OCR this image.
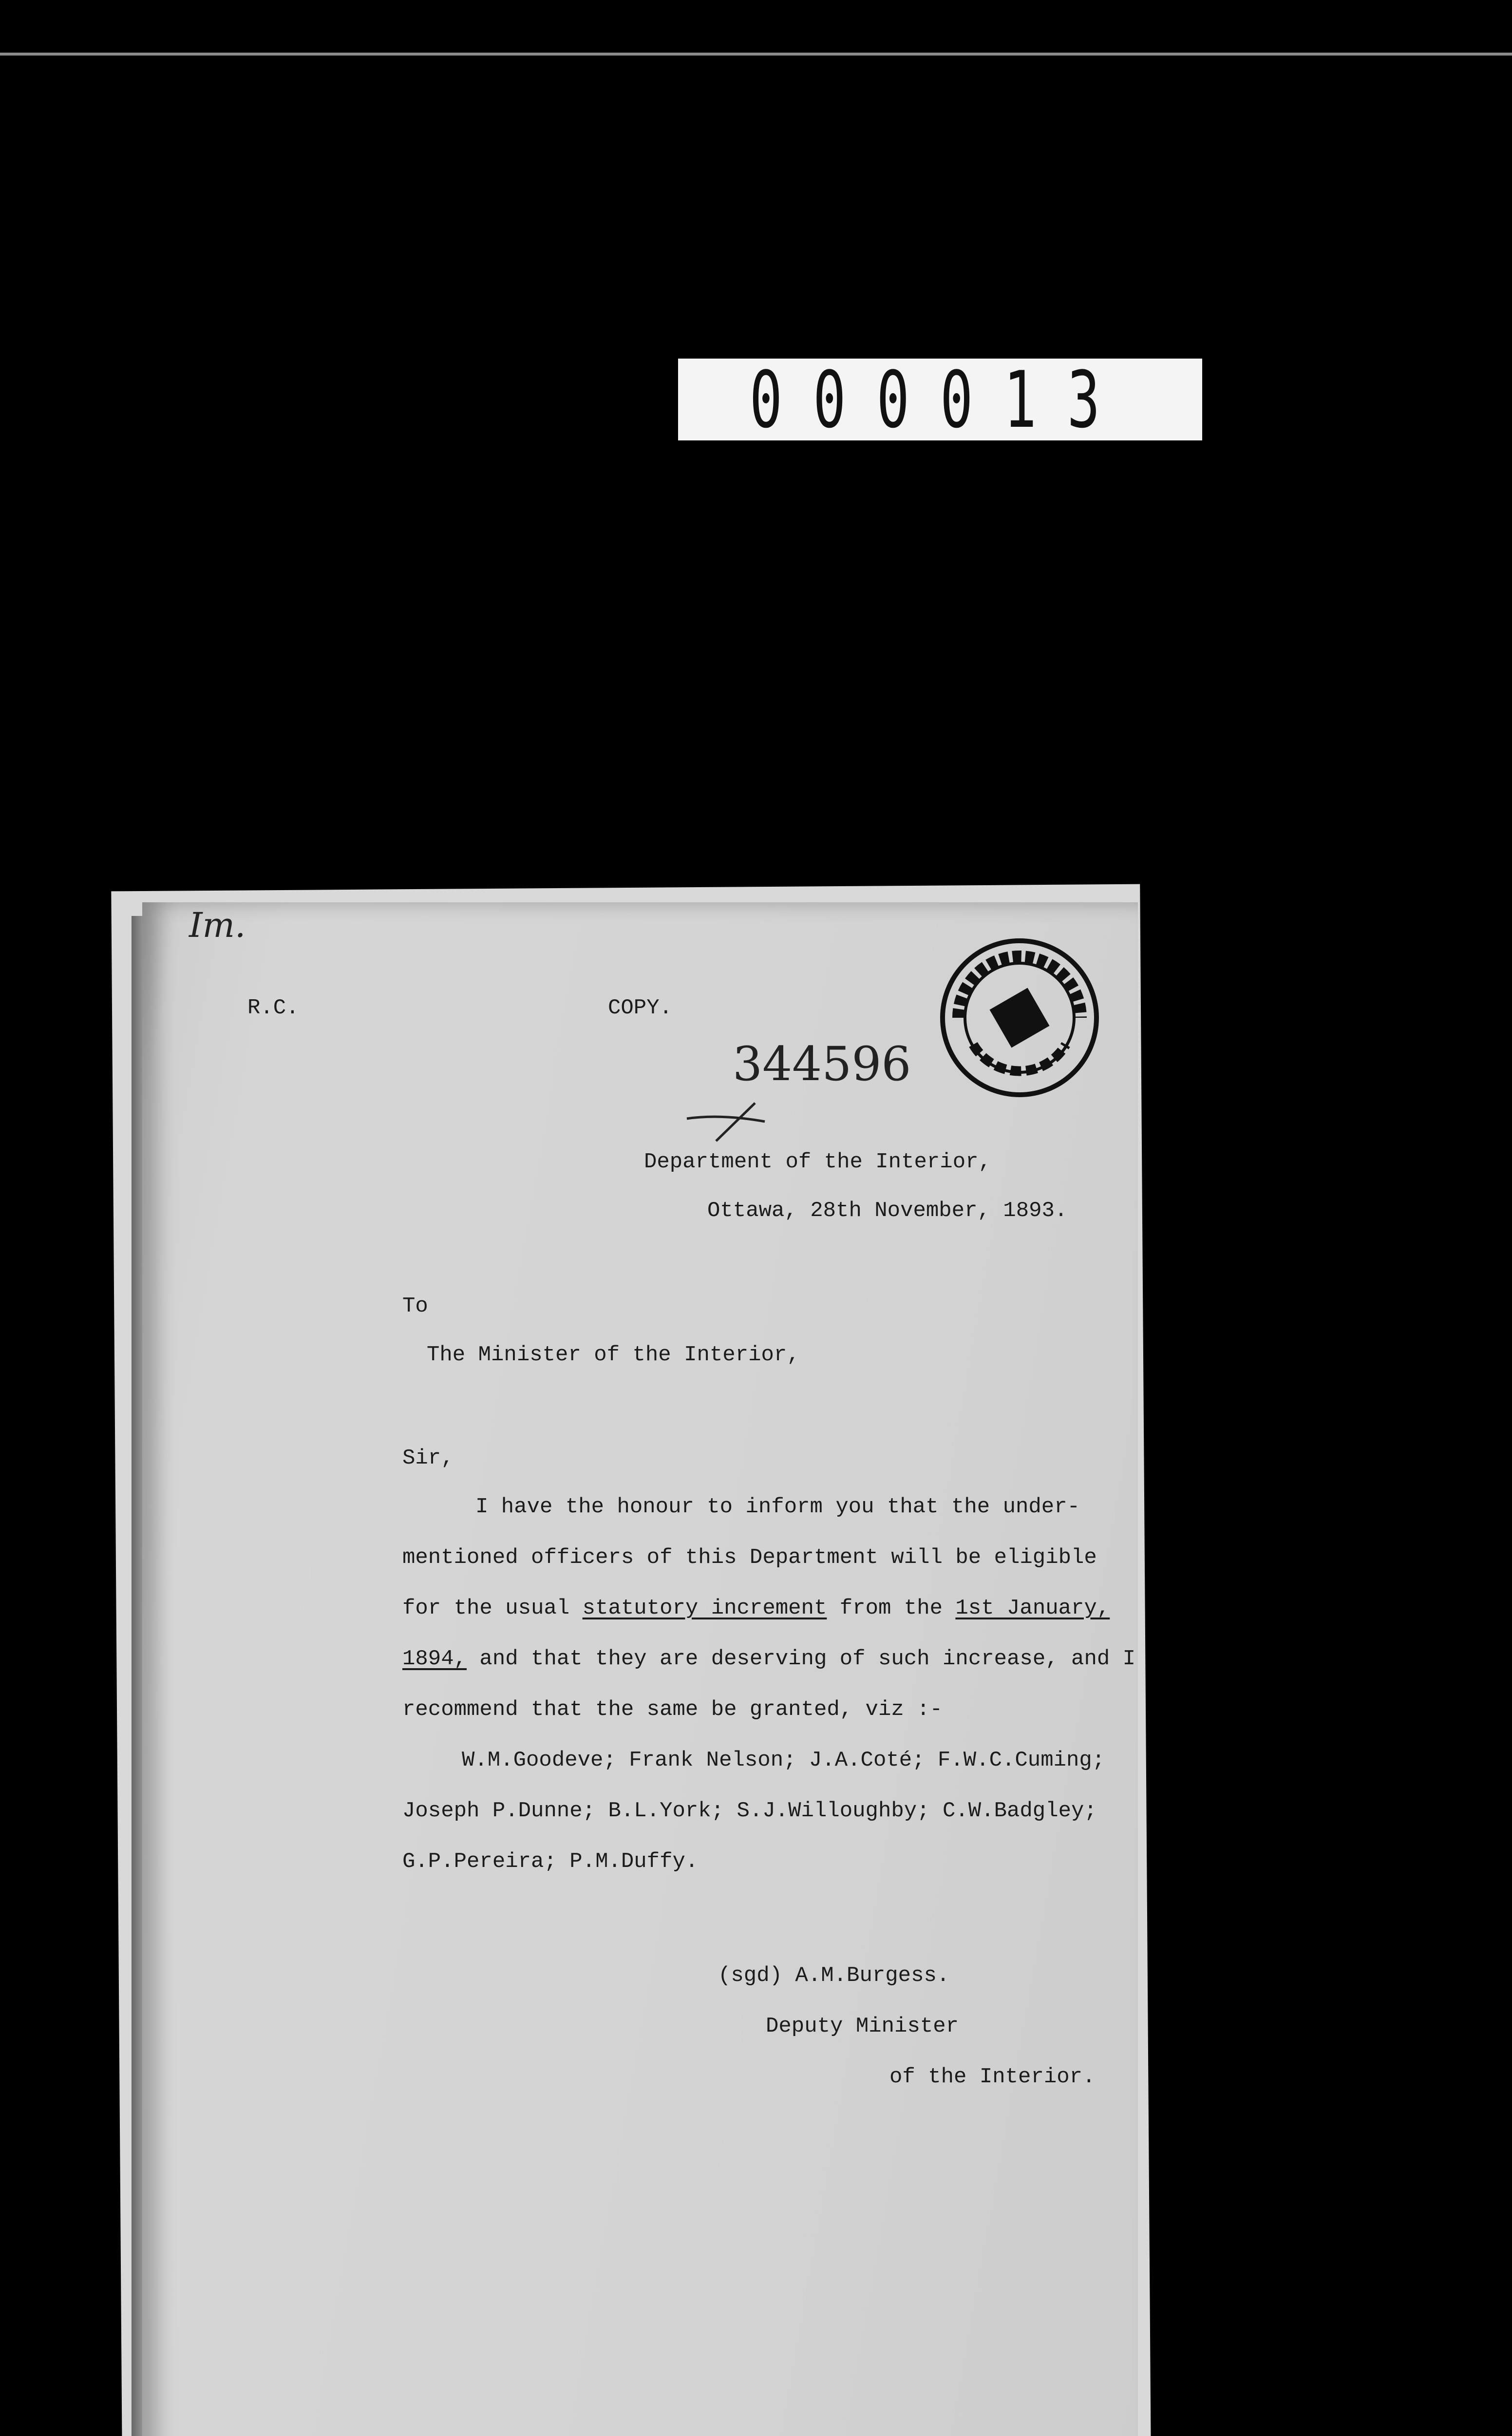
000013
Im.
R.C.	COPY.
344596
Department of the Interior,
Ottawa, 28th November, 1893.
To
The Minister of the Interior,
Sir,
I have the honour to inform you that the under-
mentioned officers of this Department will be eligible
for the usual statutory increment from the 1st January,
1894, and that they are deserving of such increase, and I
recommend that the same be granted, viz :-
W.M.Goodeve; Frank Nelson; J.A.Coté; F.W.C.Cuming;
Joseph P.Dunne; B.L.York; S.J.Willoughby; C.W.Badgley;
G.P.Pereira; P.M.Duffy.
(sgd) A.M.Burgess.
Deputy Minister
of the Interior.
